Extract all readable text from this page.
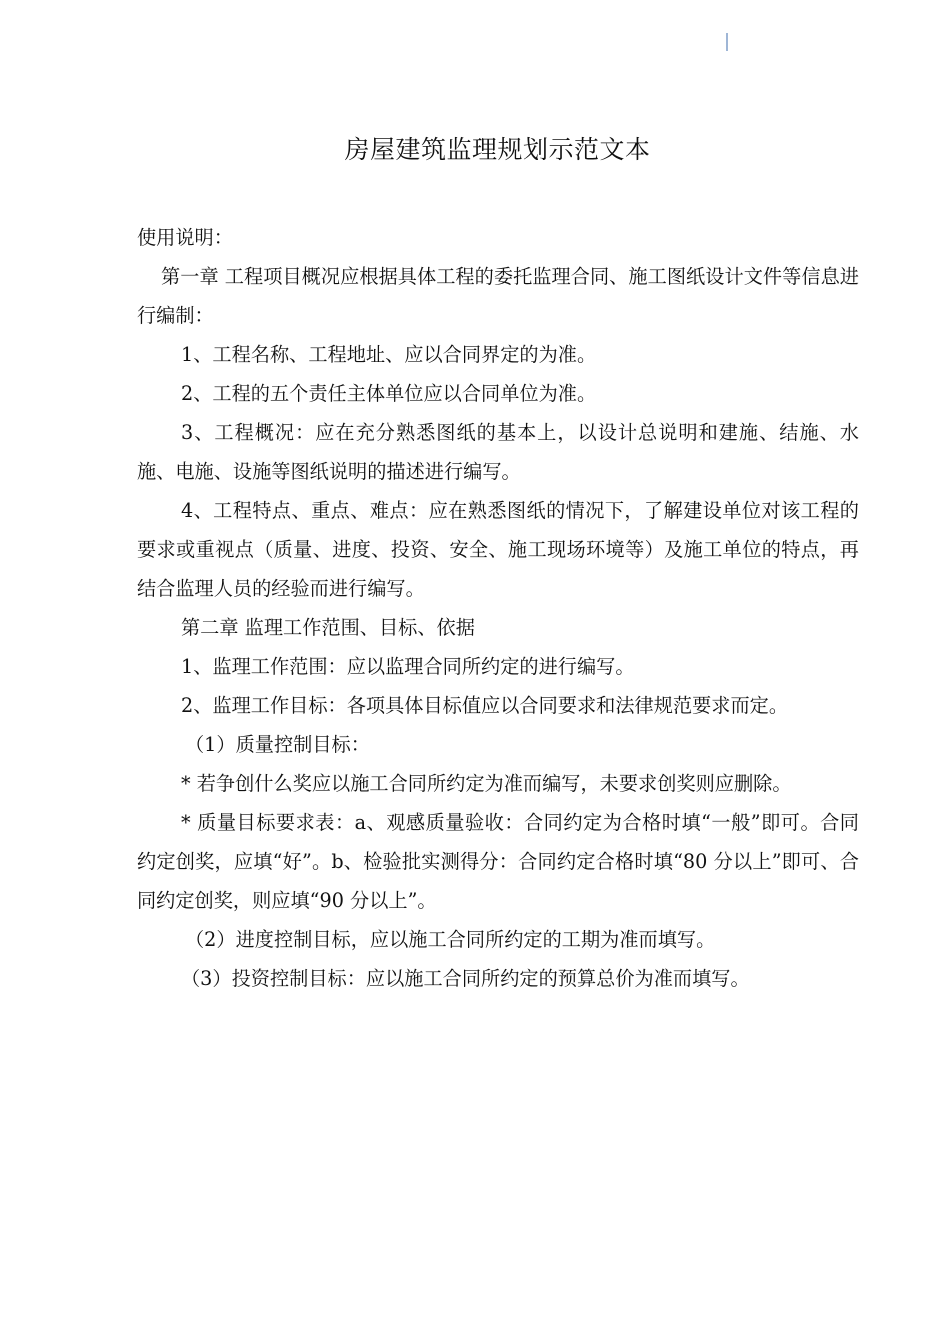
房屋建筑监理规划示范文本

使用说明：

第一章 工程项目概况应根据具体工程的委托监理合同、施工图纸设计文件等信息进行编制：

1、工程名称、工程地址、应以合同界定的为准。

2、工程的五个责任主体单位应以合同单位为准。

3、工程概况：应在充分熟悉图纸的基本上，以设计总说明和建施、结施、水施、电施、设施等图纸说明的描述进行编写。

4、工程特点、重点、难点：应在熟悉图纸的情况下，了解建设单位对该工程的要求或重视点（质量、进度、投资、安全、施工现场环境等）及施工单位的特点，再结合监理人员的经验而进行编写。

第二章 监理工作范围、目标、依据

1、监理工作范围：应以监理合同所约定的进行编写。

2、监理工作目标：各项具体目标值应以合同要求和法律规范要求而定。

（1）质量控制目标：

* 若争创什么奖应以施工合同所约定为准而编写，未要求创奖则应删除。

* 质量目标要求表：a、观感质量验收：合同约定为合格时填“一般”即可。合同约定创奖，应填“好”。b、检验批实测得分：合同约定合格时填“80 分以上”即可、合同约定创奖，则应填“90 分以上”。

（2）进度控制目标，应以施工合同所约定的工期为准而填写。

（3）投资控制目标：应以施工合同所约定的预算总价为准而填写。
